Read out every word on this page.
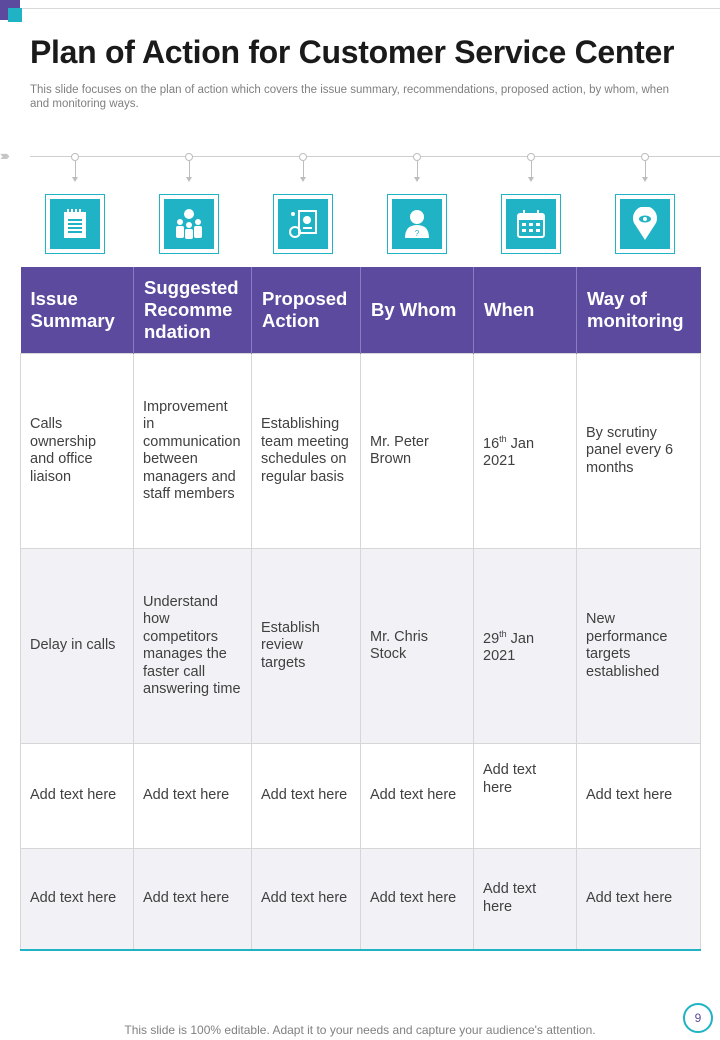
Plan of Action for Customer Service Center

This slide focuses on the plan of action which covers the issue summary, recommendations, proposed action, by whom, when and monitoring ways.

›››››
?
Issue Summary	Suggested Recomme ndation	Proposed Action	By Whom	When	Way of monitoring
Calls ownership and office liaison	Improvement in communication between managers and staff members	Establishing team meeting schedules on regular basis	Mr. Peter Brown	16th Jan 2021	By scrutiny panel every 6 months
Delay in calls	Understand how competitors manages the faster call answering time	Establish review targets	Mr. Chris Stock	29th Jan 2021	New performance targets established
Add text here	Add text here	Add text here	Add text here	Add text here	Add text here
Add text here	Add text here	Add text here	Add text here	Add text here	Add text here
This slide is 100% editable. Adapt it to your needs and capture your audience's attention.
9
